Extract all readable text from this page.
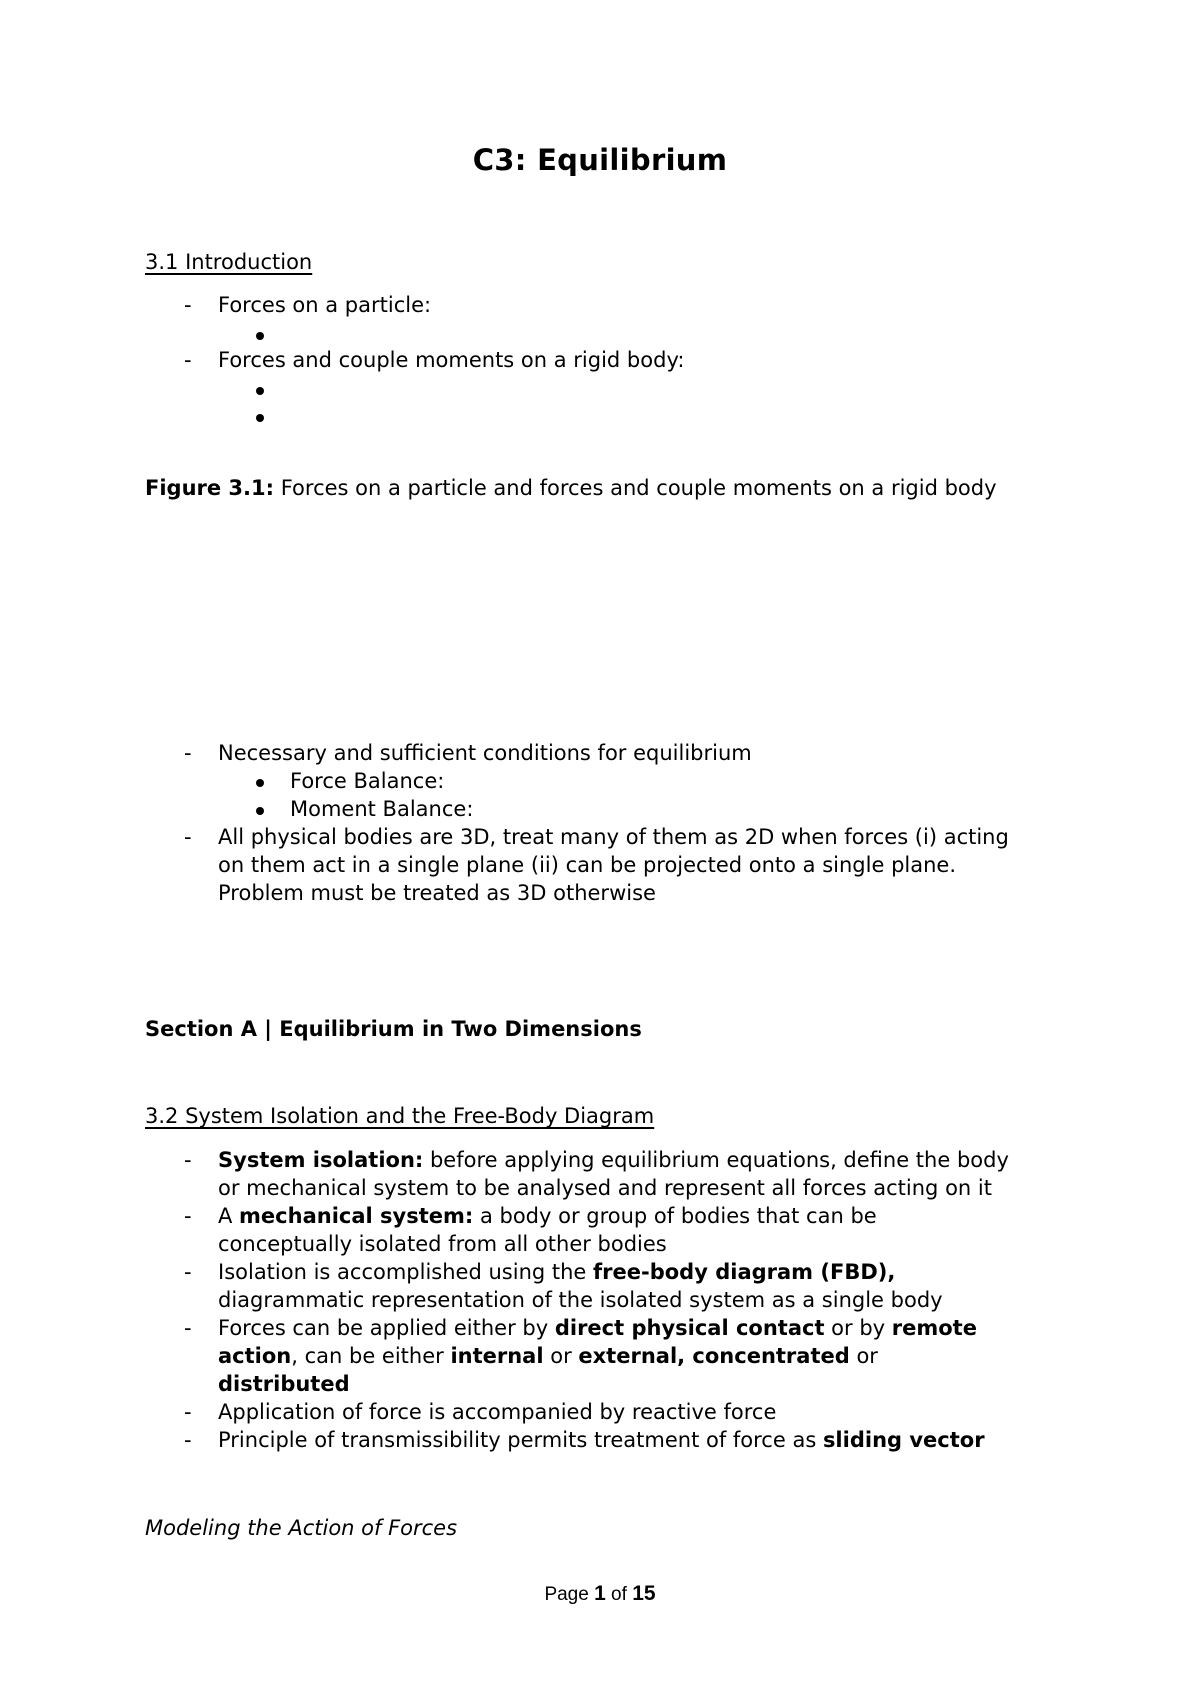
C3: Equilibrium
3.1 Introduction
- Forces on a particle:
- Forces and couple moments on a rigid body:
Figure 3.1: Forces on a particle and forces and couple moments on a rigid body
- Necessary and sufficient conditions for equilibrium
Force Balance:
Moment Balance:
- All physical bodies are 3D, treat many of them as 2D when forces (i) acting
on them act in a single plane (ii) can be projected onto a single plane.
Problem must be treated as 3D otherwise
Section A | Equilibrium in Two Dimensions
3.2 System Isolation and the Free-Body Diagram
- System isolation: before applying equilibrium equations, define the body
or mechanical system to be analysed and represent all forces acting on it
- A mechanical system: a body or group of bodies that can be
conceptually isolated from all other bodies
- Isolation is accomplished using the free-body diagram (FBD),
diagrammatic representation of the isolated system as a single body
- Forces can be applied either by direct physical contact or by remote
action, can be either internal or external, concentrated or
distributed
- Application of force is accompanied by reactive force
- Principle of transmissibility permits treatment of force as sliding vector
Modeling the Action of Forces
Page 1 of 15
